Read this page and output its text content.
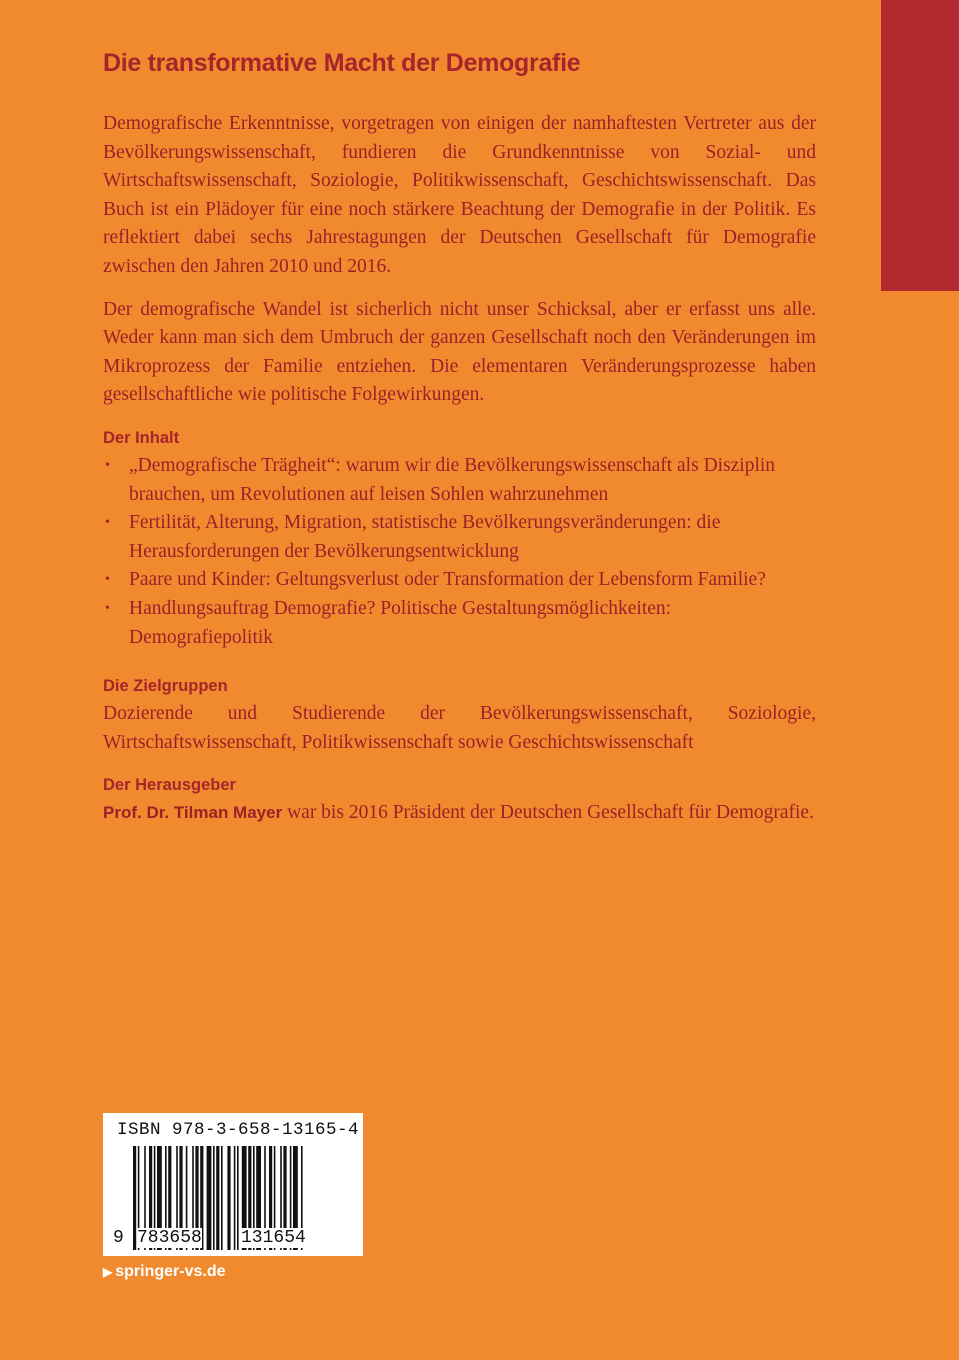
Die transformative Macht der Demografie

Demografische Erkenntnisse, vorgetragen von einigen der namhaftesten Vertreter aus der Bevölkerungswissenschaft, fundieren die Grundkenntnisse von Sozial- und Wirtschaftswissenschaft, Soziologie, Politikwissenschaft, Geschichtswissenschaft. Das Buch ist ein Plädoyer für eine noch stärkere Beachtung der Demografie in der Politik. Es reflektiert dabei sechs Jahrestagungen der Deutschen Gesellschaft für Demografie zwischen den Jahren 2010 und 2016.

Der demografische Wandel ist sicherlich nicht unser Schicksal, aber er erfasst uns alle. Weder kann man sich dem Umbruch der ganzen Gesellschaft noch den Veränderungen im Mikroprozess der Familie entziehen. Die elementaren Veränderungsprozesse haben gesellschaftliche wie politische Folgewirkungen.

Der Inhalt
• „Demografische Trägheit“: warum wir die Bevölkerungswissenschaft als Disziplin brauchen, um Revolutionen auf leisen Sohlen wahrzunehmen
• Fertilität, Alterung, Migration, statistische Bevölkerungsveränderungen: die Herausforderungen der Bevölkerungsentwicklung
• Paare und Kinder: Geltungsverlust oder Transformation der Lebensform Familie?
• Handlungsauftrag Demografie? Politische Gestaltungsmöglichkeiten: Demografiepolitik
Die Zielgruppen

Dozierende und Studierende der Bevölkerungswissenschaft, Soziologie, Wirtschaftswissenschaft, Politikwissenschaft sowie Geschichtswissenschaft

Der Herausgeber

Prof. Dr. Tilman Mayer war bis 2016 Präsident der Deutschen Gesellschaft für Demografie.

ISBN 978-3-658-13165-4
9 783658 131654
▶ springer-vs.de
